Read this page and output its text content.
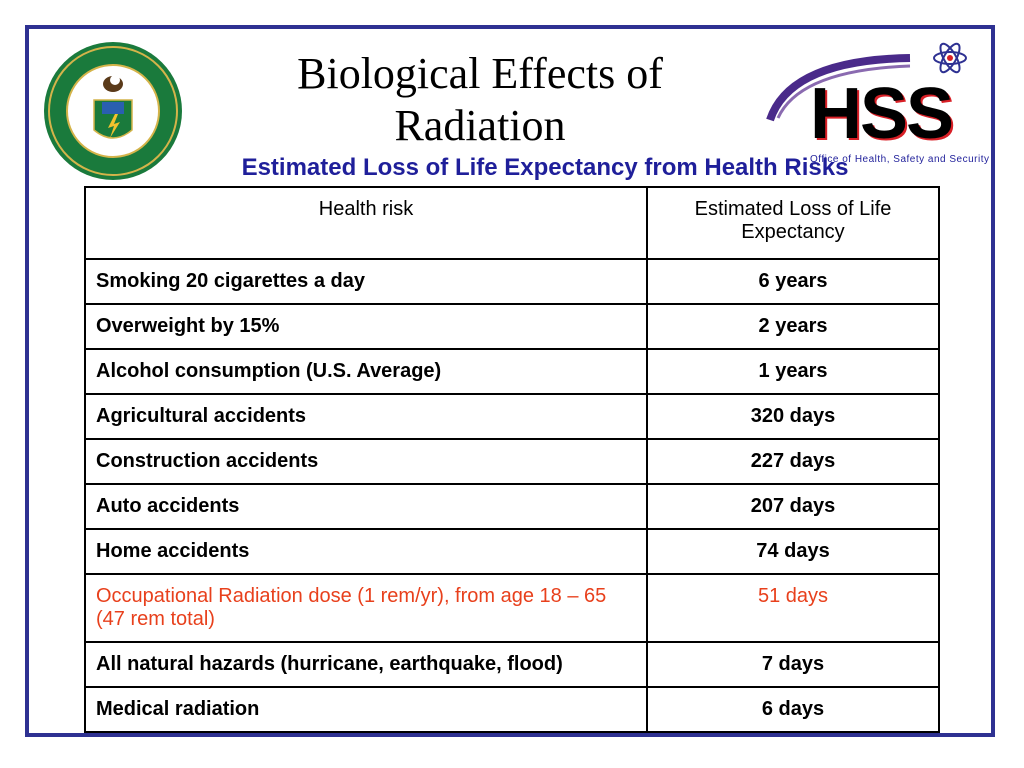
Biological Effects of Radiation
Estimated Loss of Life Expectancy from Health Risks
HSS
Office of Health, Safety and Security
Health risk	Estimated Loss of Life Expectancy
Smoking 20 cigarettes a day	6 years
Overweight by 15%	2 years
Alcohol consumption (U.S. Average)	1 years
Agricultural accidents	320 days
Construction accidents	227 days
Auto accidents	207 days
Home accidents	74 days
Occupational Radiation dose (1 rem/yr), from age 18 – 65 (47 rem total)	51 days
All natural hazards (hurricane, earthquake, flood)	7 days
Medical radiation	6 days
